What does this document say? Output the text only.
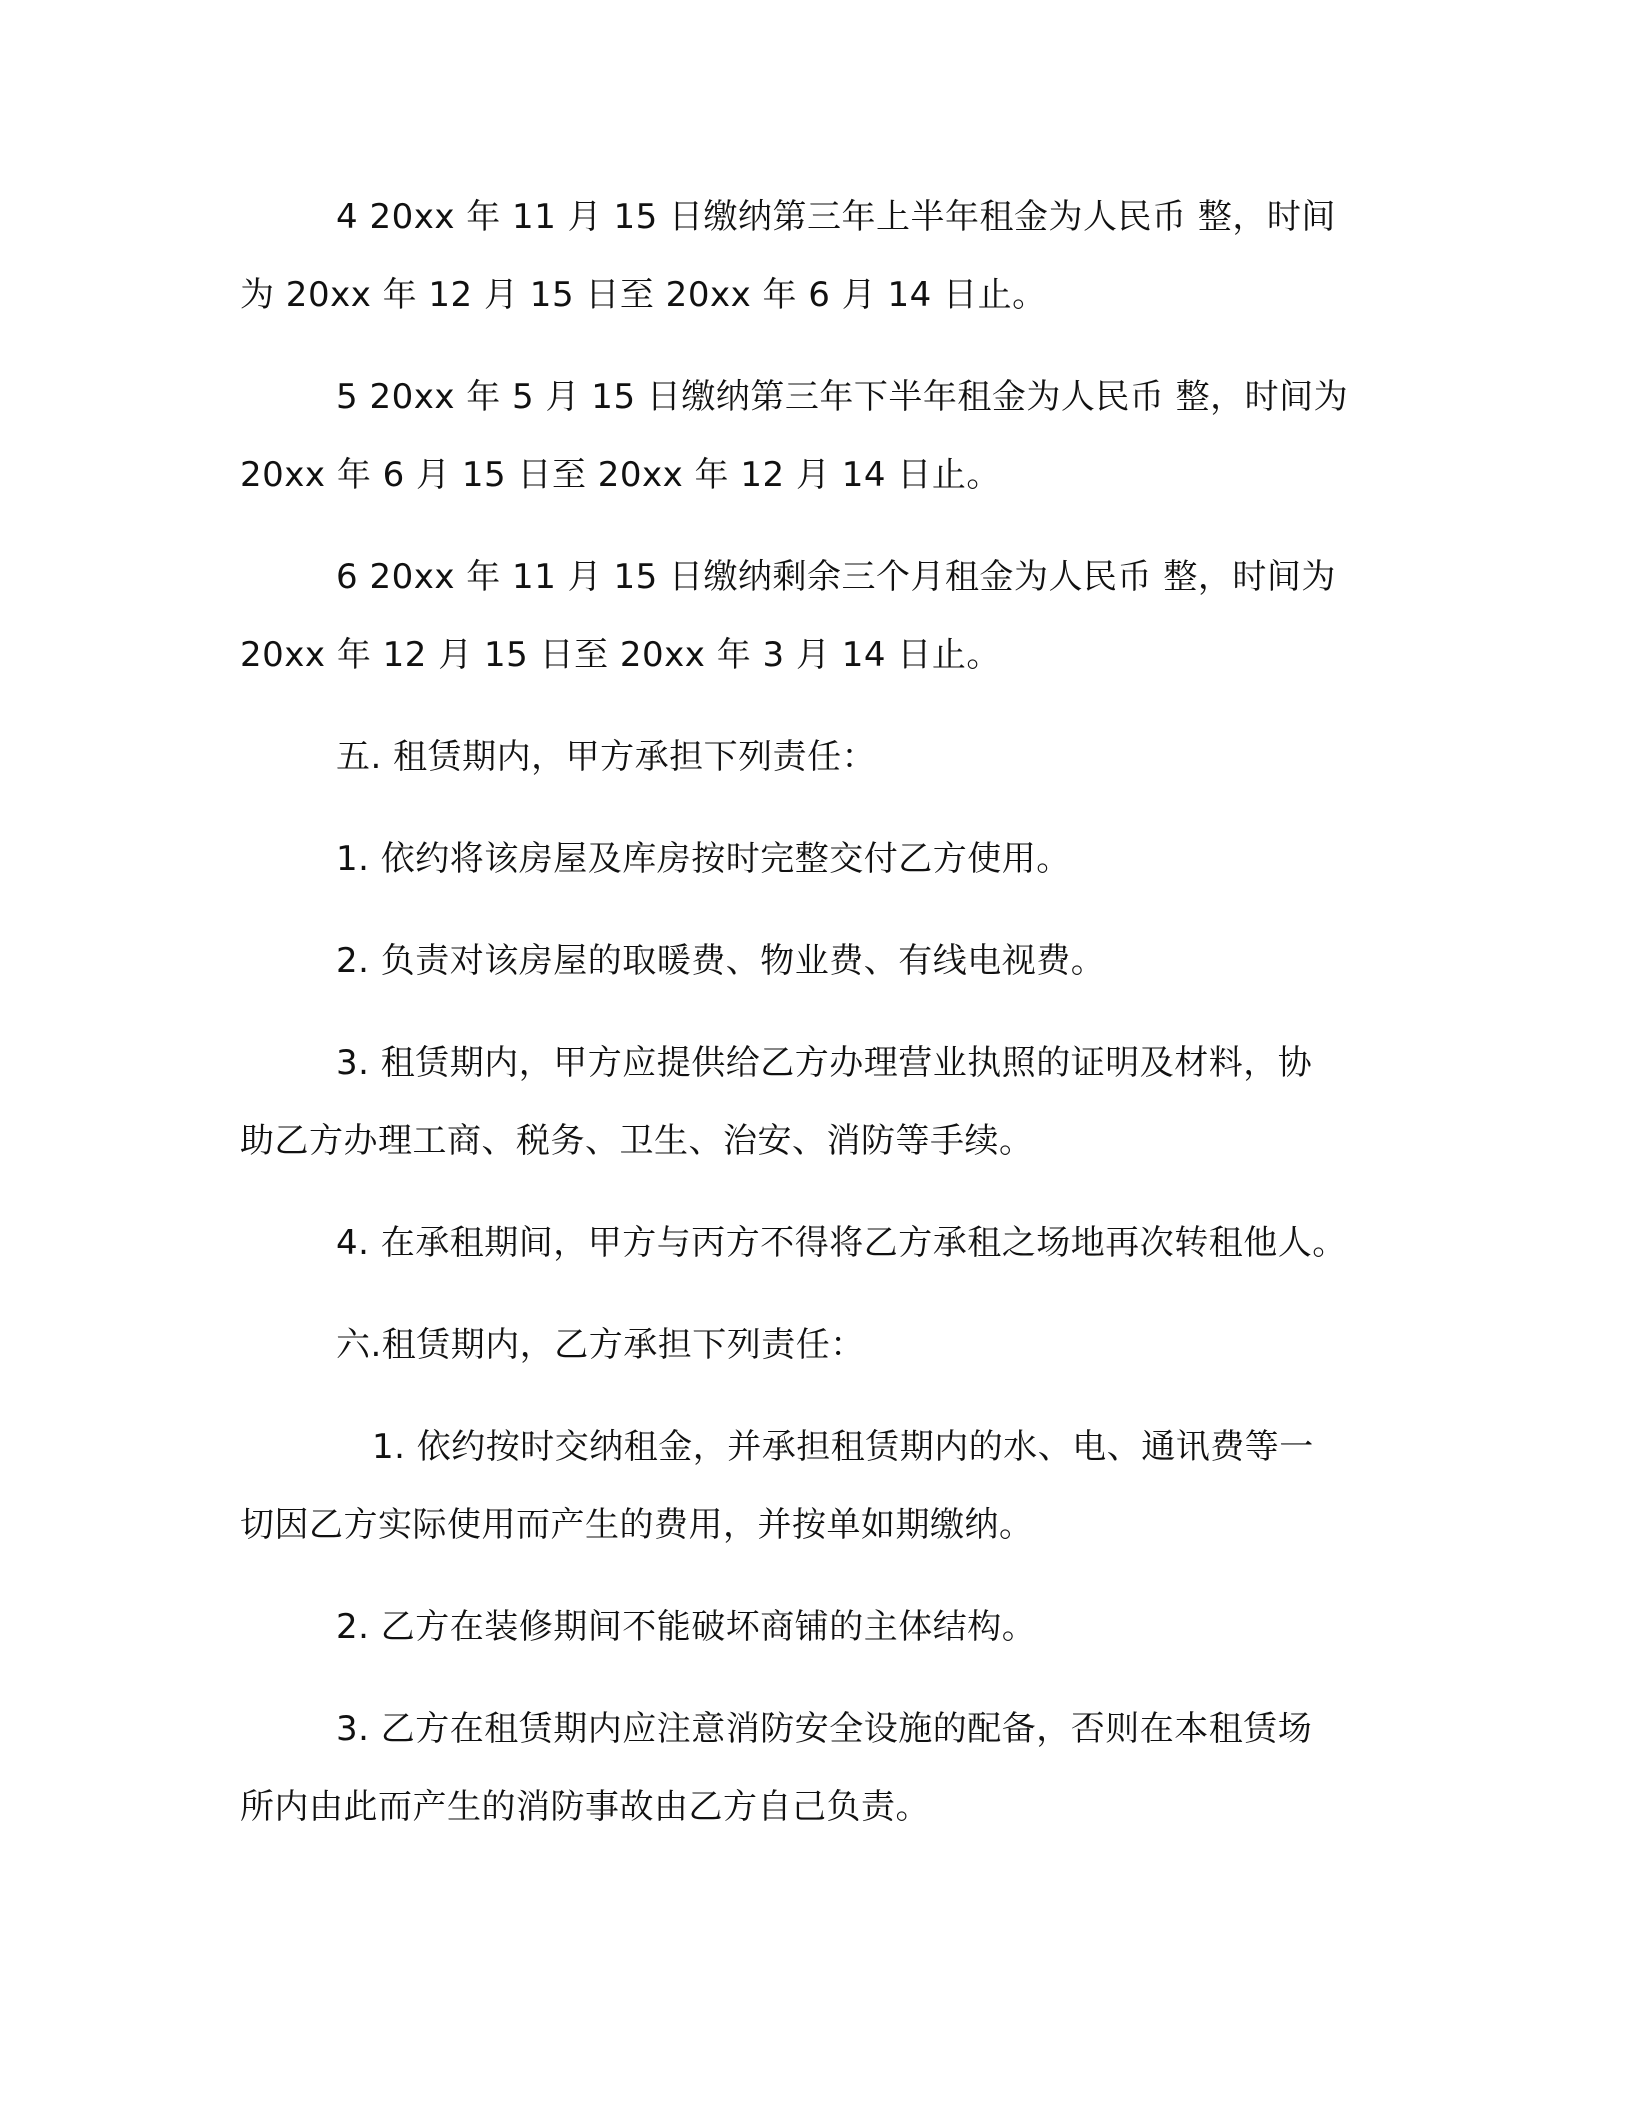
4 20xx 年 11 月 15 日缴纳第三年上半年租金为人民币 整，时间
为 20xx 年 12 月 15 日至 20xx 年 6 月 14 日止。

5 20xx 年 5 月 15 日缴纳第三年下半年租金为人民币 整，时间为
20xx 年 6 月 15 日至 20xx 年 12 月 14 日止。

6 20xx 年 11 月 15 日缴纳剩余三个月租金为人民币 整，时间为
20xx 年 12 月 15 日至 20xx 年 3 月 14 日止。

五. 租赁期内，甲方承担下列责任：

1. 依约将该房屋及库房按时完整交付乙方使用。

2. 负责对该房屋的取暖费、物业费、有线电视费。

3. 租赁期内，甲方应提供给乙方办理营业执照的证明及材料，协
助乙方办理工商、税务、卫生、治安、消防等手续。

4. 在承租期间，甲方与丙方不得将乙方承租之场地再次转租他人。

六.租赁期内，乙方承担下列责任：

1. 依约按时交纳租金，并承担租赁期内的水、电、通讯费等一
切因乙方实际使用而产生的费用，并按单如期缴纳。

2. 乙方在装修期间不能破坏商铺的主体结构。

3. 乙方在租赁期内应注意消防安全设施的配备，否则在本租赁场
所内由此而产生的消防事故由乙方自己负责。
